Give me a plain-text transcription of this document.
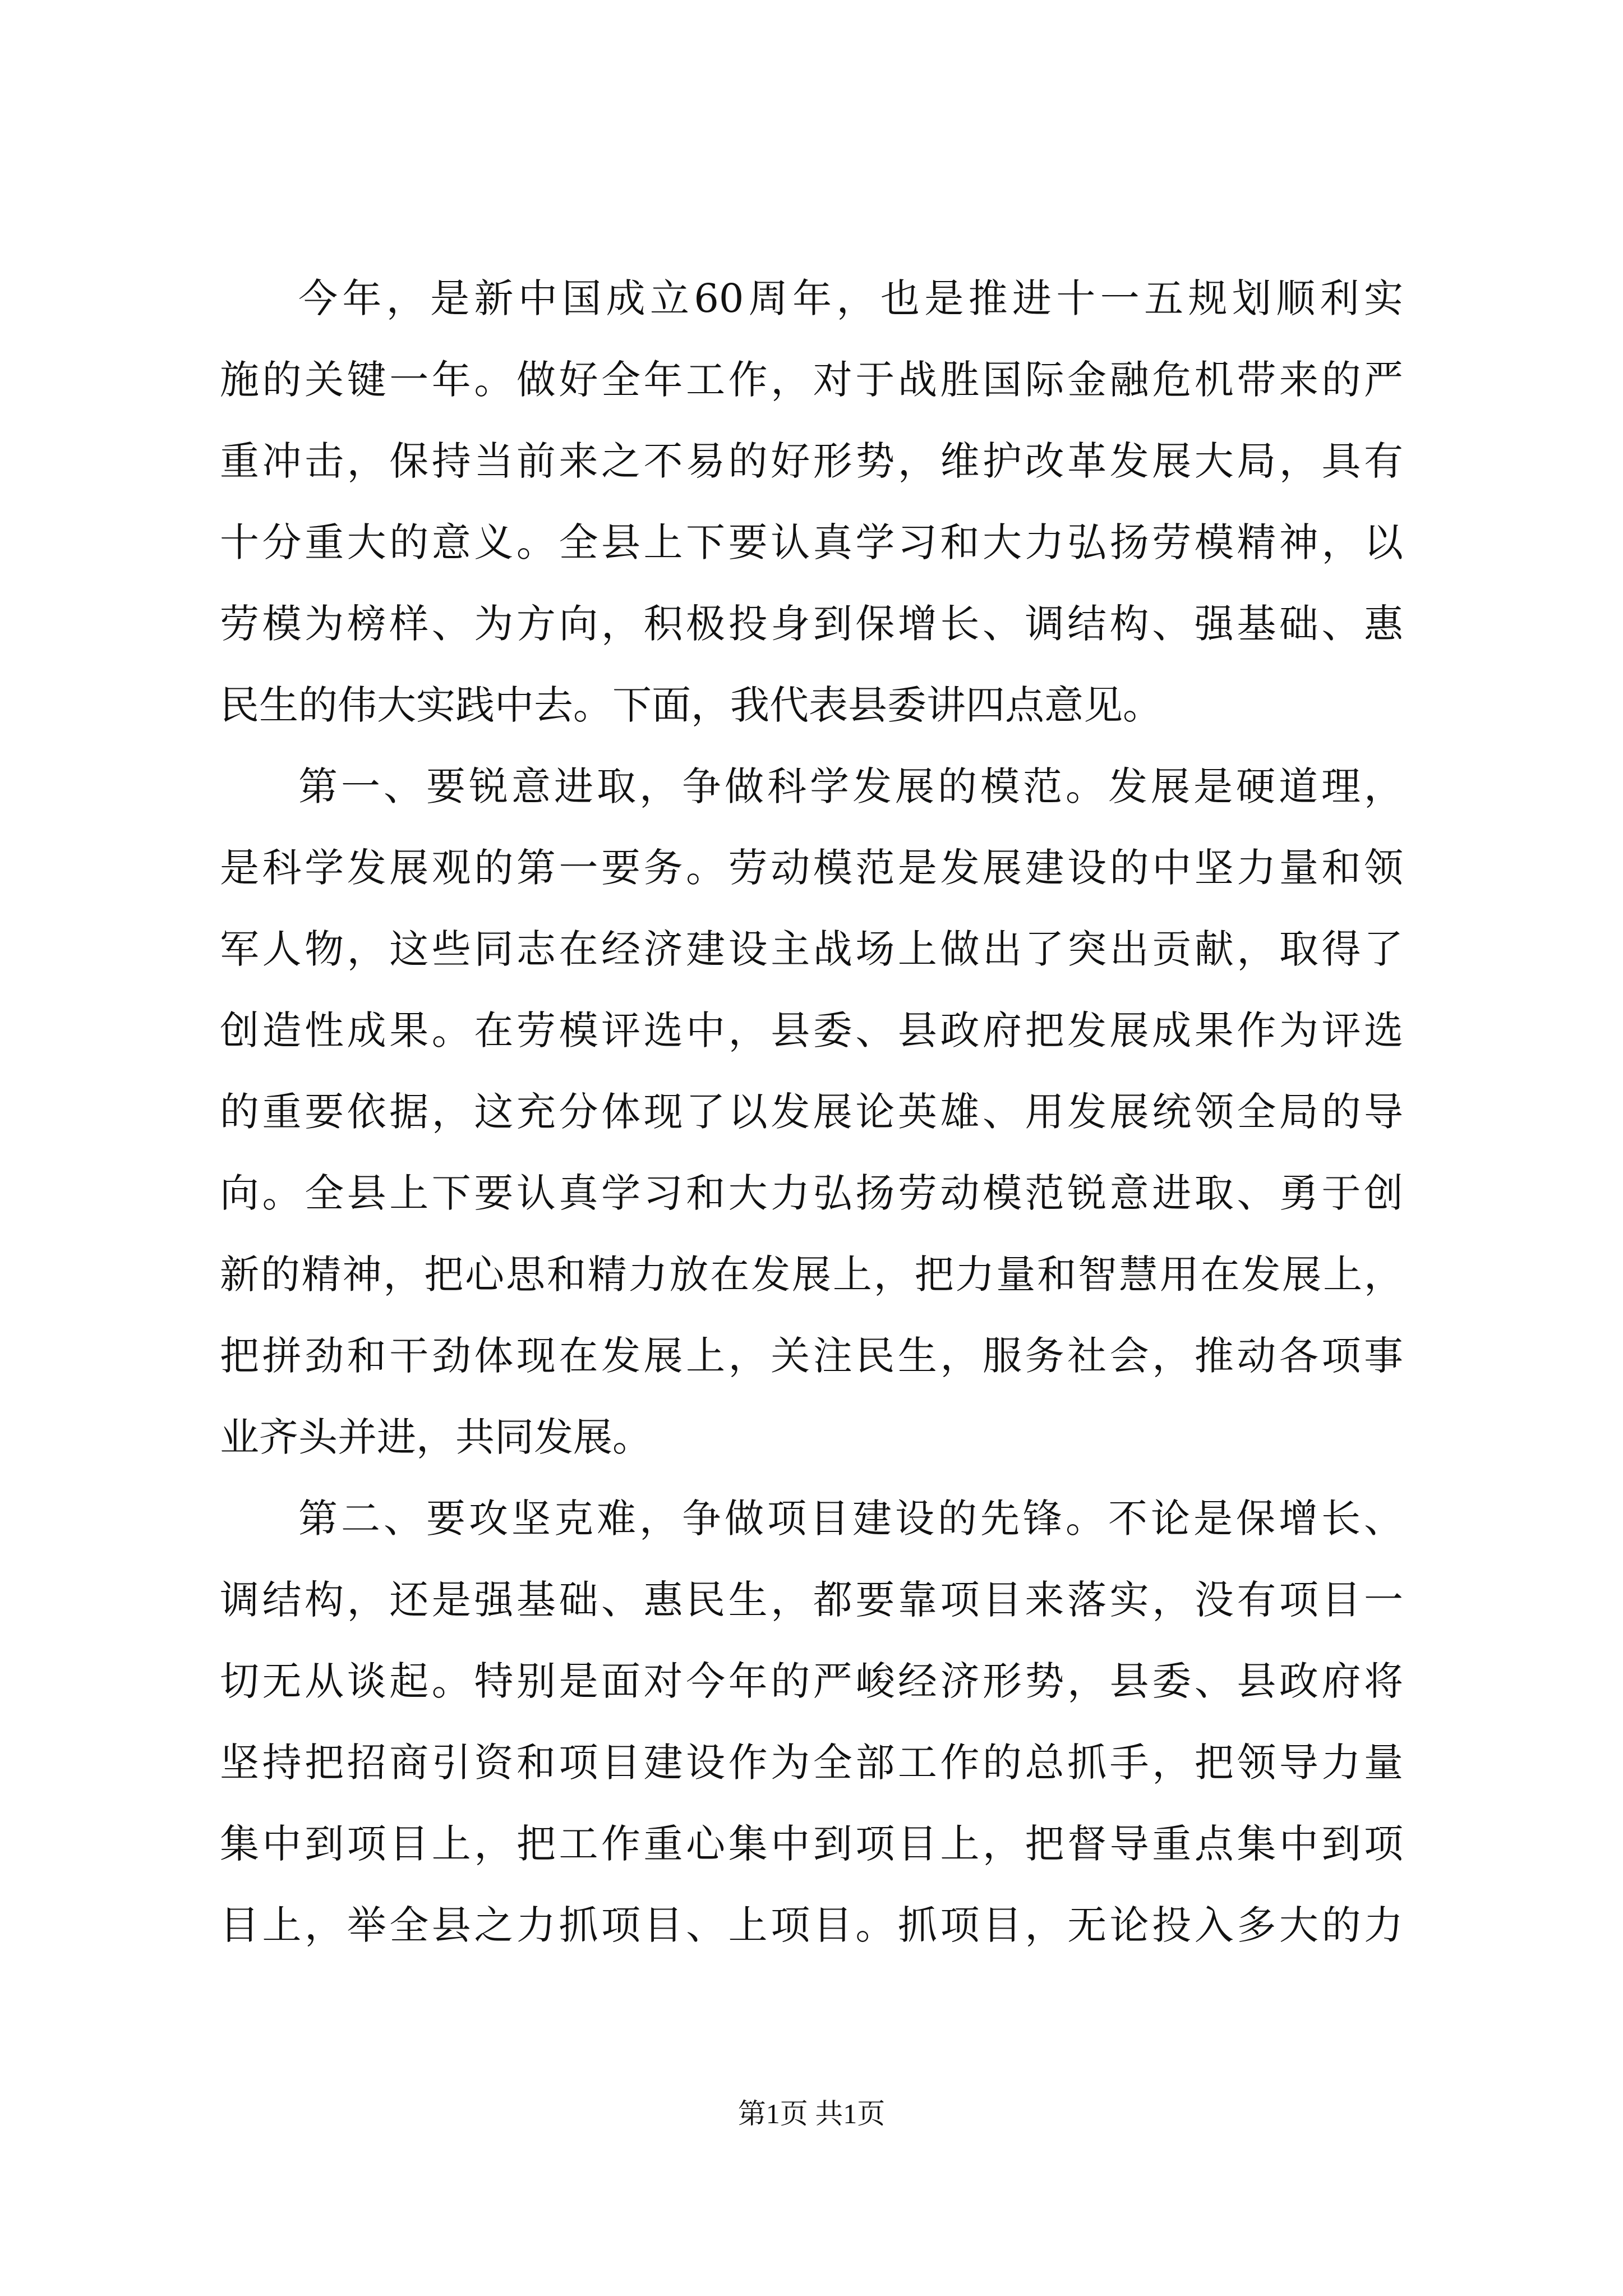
今年，是新中国成立60周年，也是推进十一五规划顺利实
施的关键一年。做好全年工作，对于战胜国际金融危机带来的严
重冲击，保持当前来之不易的好形势，维护改革发展大局，具有
十分重大的意义。全县上下要认真学习和大力弘扬劳模精神，以
劳模为榜样、为方向，积极投身到保增长、调结构、强基础、惠
民生的伟大实践中去。下面，我代表县委讲四点意见。
第一、要锐意进取，争做科学发展的模范。发展是硬道理，
是科学发展观的第一要务。劳动模范是发展建设的中坚力量和领
军人物，这些同志在经济建设主战场上做出了突出贡献，取得了
创造性成果。在劳模评选中，县委、县政府把发展成果作为评选
的重要依据，这充分体现了以发展论英雄、用发展统领全局的导
向。全县上下要认真学习和大力弘扬劳动模范锐意进取、勇于创
新的精神，把心思和精力放在发展上，把力量和智慧用在发展上，
把拼劲和干劲体现在发展上，关注民生，服务社会，推动各项事
业齐头并进，共同发展。
第二、要攻坚克难，争做项目建设的先锋。不论是保增长、
调结构，还是强基础、惠民生，都要靠项目来落实，没有项目一
切无从谈起。特别是面对今年的严峻经济形势，县委、县政府将
坚持把招商引资和项目建设作为全部工作的总抓手，把领导力量
集中到项目上，把工作重心集中到项目上，把督导重点集中到项
目上，举全县之力抓项目、上项目。抓项目，无论投入多大的力
第1页 共1页
